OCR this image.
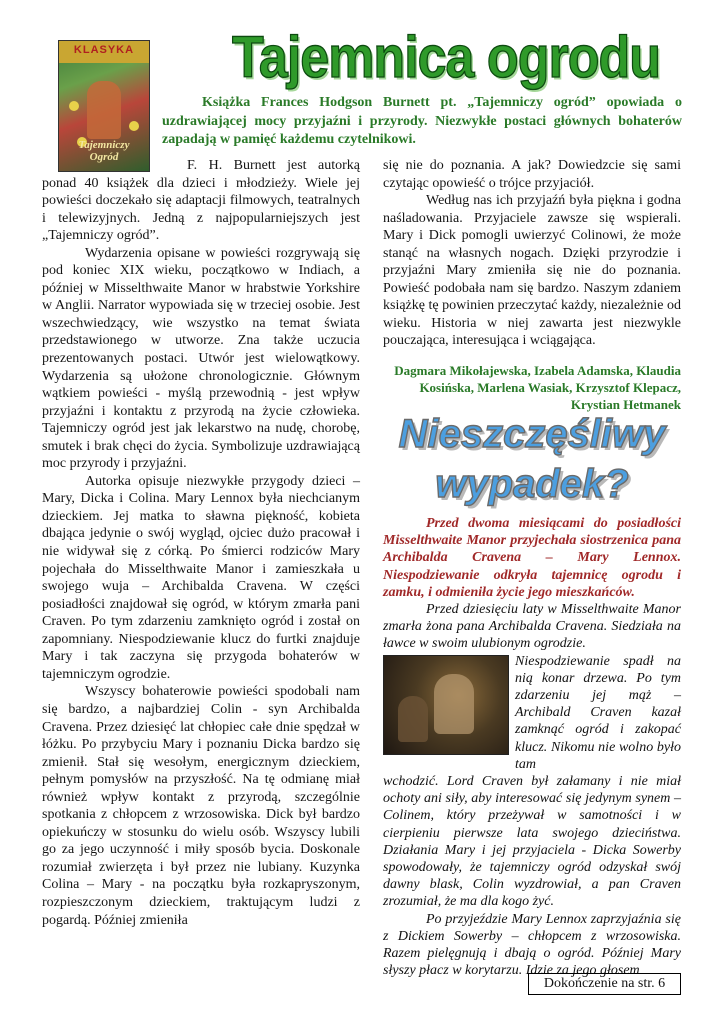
KLASYKA
Tajemniczy Ogród
Tajemnica ogrodu

Książka Frances Hodgson Burnett pt. „Tajemniczy ogród” opowiada o uzdrawiającej mocy przyjaźni i przyrody. Niezwykłe postaci głównych bohaterów zapadają w pamięć każdemu czytelnikowi.

F. H. Burnett jest autorką ponad 40 książek dla dzieci i młodzieży. Wiele jej powieści doczekało się adaptacji filmowych, teatralnych i telewizyjnych. Jedną z najpopularniejszych jest „Tajemniczy ogród”.

Wydarzenia opisane w powieści rozgrywają się pod koniec XIX wieku, początkowo w Indiach, a później w Misselthwaite Manor w hrabstwie Yorkshire w Anglii. Narrator wypowiada się w trzeciej osobie. Jest wszechwiedzący, wie wszystko na temat świata przedstawionego w utworze. Zna także uczucia prezentowanych postaci. Utwór jest wielowątkowy. Wydarzenia są ułożone chronologicznie. Głównym wątkiem powieści - myślą przewodnią - jest wpływ przyjaźni i kontaktu z przyrodą na życie człowieka. Tajemniczy ogród jest jak lekarstwo na nudę, chorobę, smutek i brak chęci do życia. Symbolizuje uzdrawiającą moc przyrody i przyjaźni.

Autorka opisuje niezwykłe przygody dzieci – Mary, Dicka i Colina. Mary Lennox była niechcianym dzieckiem. Jej matka to sławna piękność, kobieta dbająca jedynie o swój wygląd, ojciec dużo pracował i nie widywał się z córką. Po śmierci rodziców Mary pojechała do Misselthwaite Manor i zamieszkała u swojego wuja – Archibalda Cravena. W części posiadłości znajdował się ogród, w którym zmarła pani Craven. Po tym zdarzeniu zamknięto ogród i został on zapomniany. Niespodziewanie klucz do furtki znajduje Mary i tak zaczyna się przygoda bohaterów w tajemniczym ogrodzie.

Wszyscy bohaterowie powieści spodobali nam się bardzo, a najbardziej Colin - syn Archibalda Cravena. Przez dziesięć lat chłopiec całe dnie spędzał w łóżku. Po przybyciu Mary i poznaniu Dicka bardzo się zmienił. Stał się wesołym, energicznym dzieckiem, pełnym pomysłów na przyszłość. Na tę odmianę miał również wpływ kontakt z przyrodą, szczególnie spotkania z chłopcem z wrzosowiska. Dick był bardzo opiekuńczy w stosunku do wielu osób. Wszyscy lubili go za jego uczynność i miły sposób bycia. Doskonale rozumiał zwierzęta i był przez nie lubiany. Kuzynka Colina – Mary - na początku była rozkapryszonym, rozpieszczonym dzieckiem, traktującym ludzi z pogardą. Później zmieniła

się nie do poznania. A jak? Dowiedzcie się sami czytając opowieść o trójce przyjaciół.

Według nas ich przyjaźń była piękna i godna naśladowania. Przyjaciele zawsze się wspierali. Mary i Dick pomogli uwierzyć Colinowi, że może stanąć na własnych nogach. Dzięki przyrodzie i przyjaźni Mary zmieniła się nie do poznania. Powieść podobała nam się bardzo. Naszym zdaniem książkę tę powinien przeczytać każdy, niezależnie od wieku. Historia w niej zawarta jest niezwykle pouczająca, interesująca i wciągająca.

Dagmara Mikołajewska, Izabela Adamska, Klaudia Kosińska, Marlena Wasiak, Krzysztof Klepacz, Krystian Hetmanek

Nieszczęśliwy
wypadek?

Przed dwoma miesiącami do posiadłości Misselthwaite Manor przyjechała siostrzenica pana Archibalda Cravena – Mary Lennox. Niespodziewanie odkryła tajemnicę ogrodu i zamku, i odmieniła życie jego mieszkańców.

Przed dziesięciu laty w Misselthwaite Manor zmarła żona pana Archibalda Cravena. Siedziała na ławce w swoim ulubionym ogrodzie.

Niespodziewanie spadł na nią konar drzewa. Po tym zdarzeniu jej mąż – Archibald Craven kazał zamknąć ogród i zakopać klucz. Nikomu nie wolno było tam

wchodzić. Lord Craven był załamany i nie miał ochoty ani siły, aby interesować się jedynym synem – Colinem, który przeżywał w samotności i w cierpieniu pierwsze lata swojego dzieciństwa. Działania Mary i jej przyjaciela - Dicka Sowerby spowodowały, że tajemniczy ogród odzyskał swój dawny blask, Colin wyzdrowiał, a pan Craven zrozumiał, że ma dla kogo żyć.

Po przyjeździe Mary Lennox zaprzyjaźnia się z Dickiem Sowerby – chłopcem z wrzosowiska. Razem pielęgnują i dbają o ogród. Później Mary słyszy płacz w korytarzu. Idzie za jego głosem

Dokończenie na str. 6
